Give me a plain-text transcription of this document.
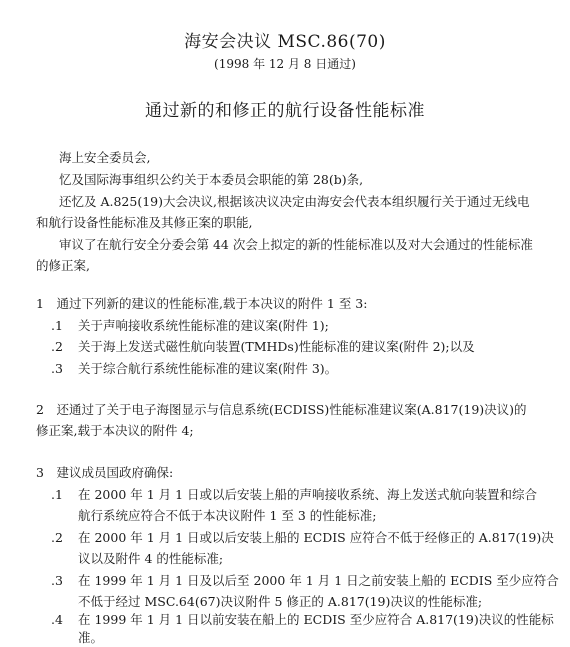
海安会决议 MSC.86(70)
(1998 年 12 月 8 日通过)
通过新的和修正的航行设备性能标准
海上安全委员会,
忆及国际海事组织公约关于本委员会职能的第 28(b)条,
还忆及 A.825(19)大会决议,根据该决议决定由海安会代表本组织履行关于通过无线电
和航行设备性能标准及其修正案的职能,
审议了在航行安全分委会第 44 次会上拟定的新的性能标准以及对大会通过的性能标准
的修正案,
1　通过下列新的建议的性能标准,载于本决议的附件 1 至 3:
.1 关于声响接收系统性能标准的建议案(附件 1);
.2 关于海上发送式磁性航向装置(TMHDs)性能标准的建议案(附件 2);以及
.3 关于综合航行系统性能标准的建议案(附件 3)。
2　还通过了关于电子海图显示与信息系统(ECDISS)性能标准建议案(A.817(19)决议)的
修正案,载于本决议的附件 4;
3　建议成员国政府确保:
.1 在 2000 年 1 月 1 日或以后安装上船的声响接收系统、海上发送式航向装置和综合
航行系统应符合不低于本决议附件 1 至 3 的性能标准;
.2 在 2000 年 1 月 1 日或以后安装上船的 ECDIS 应符合不低于经修正的 A.817(19)决
议以及附件 4 的性能标准;
.3 在 1999 年 1 月 1 日及以后至 2000 年 1 月 1 日之前安装上船的 ECDIS 至少应符合
不低于经过 MSC.64(67)决议附件 5 修正的 A.817(19)决议的性能标准;
.4 在 1999 年 1 月 1 日以前安装在船上的 ECDIS 至少应符合 A.817(19)决议的性能标
准。
